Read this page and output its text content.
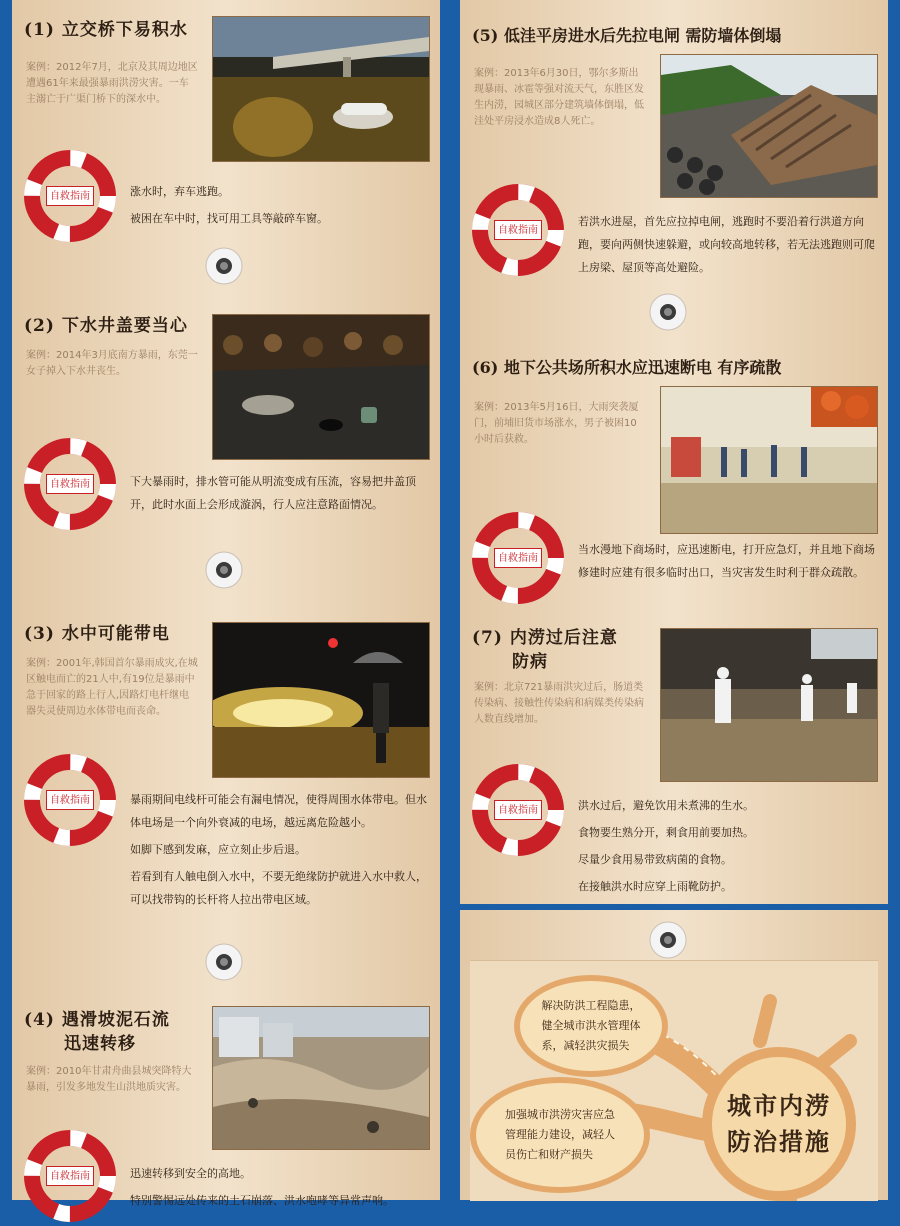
(1) 立交桥下易积水
案例：2012年7月，北京及其周边地区遭遇61年来最强暴雨洪涝灾害。一车主溺亡于广渠门桥下的深水中。
自救指南	涨水时，弃车逃跑。

被困在车中时，找可用工具等敲碎车窗。

(2) 下水井盖要当心
案例：2014年3月底南方暴雨，东莞一女子掉入下水井丧生。
自救指南	下大暴雨时，排水管可能从明流变成有压流，容易把井盖顶开，此时水面上会形成漩涡，行人应注意路面情况。

(3) 水中可能带电
案例：2001年,韩国首尔暴雨成灾,在城区触电而亡的21人中,有19位是暴雨中急于回家的路上行人,因路灯电杆继电器失灵使周边水体带电而丧命。
自救指南	暴雨期间电线杆可能会有漏电情况，使得周围水体带电。但水体电场是一个向外衰减的电场，越远离危险越小。

如脚下感到发麻，应立刻止步后退。

若看到有人触电倒入水中，不要无绝缘防护就进入水中救人，可以找带钩的长杆将人拉出带电区域。

(4) 遇滑坡泥石流
迅速转移
案例：2010年甘肃舟曲县城突降特大暴雨，引发多地发生山洪地质灾害。
自救指南	迅速转移到安全的高地。

特别警惕远处传来的土石崩落、洪水咆哮等异常声响。

(5) 低洼平房进水后先拉电闸 需防墙体倒塌
案例：2013年6月30日，鄂尔多斯出现暴雨、冰雹等强对流天气，东胜区发生内涝，园城区部分建筑墙体倒塌，低洼处平房浸水造成8人死亡。
自救指南

若洪水进屋，首先应拉掉电闸，逃跑时不要沿着行洪道方向跑，要向两侧快速躲避，或向较高地转移，若无法逃跑则可爬上房梁、屋顶等高处避险。

(6) 地下公共场所积水应迅速断电 有序疏散
案例：2013年5月16日，大雨突袭厦门，前埔旧货市场涨水，男子被困10小时后获救。
自救指南

当水漫地下商场时，应迅速断电，打开应急灯，并且地下商场修建时应建有很多临时出口，当灾害发生时利于群众疏散。

(7) 内涝过后注意
防病
案例：北京721暴雨洪灾过后，肠道类传染病、接触性传染病和病媒类传染病人数直线增加。
自救指南	洪水过后，避免饮用未煮沸的生水。

食物要生熟分开，剩食用前要加热。

尽量少食用易带致病菌的食物。

在接触洪水时应穿上雨靴防护。

解决防洪工程隐患，
健全城市洪水管理体
系，减轻洪灾损失
加强城市洪涝灾害应急
管理能力建设，减轻人
员伤亡和财产损失
城市内涝
防治措施
